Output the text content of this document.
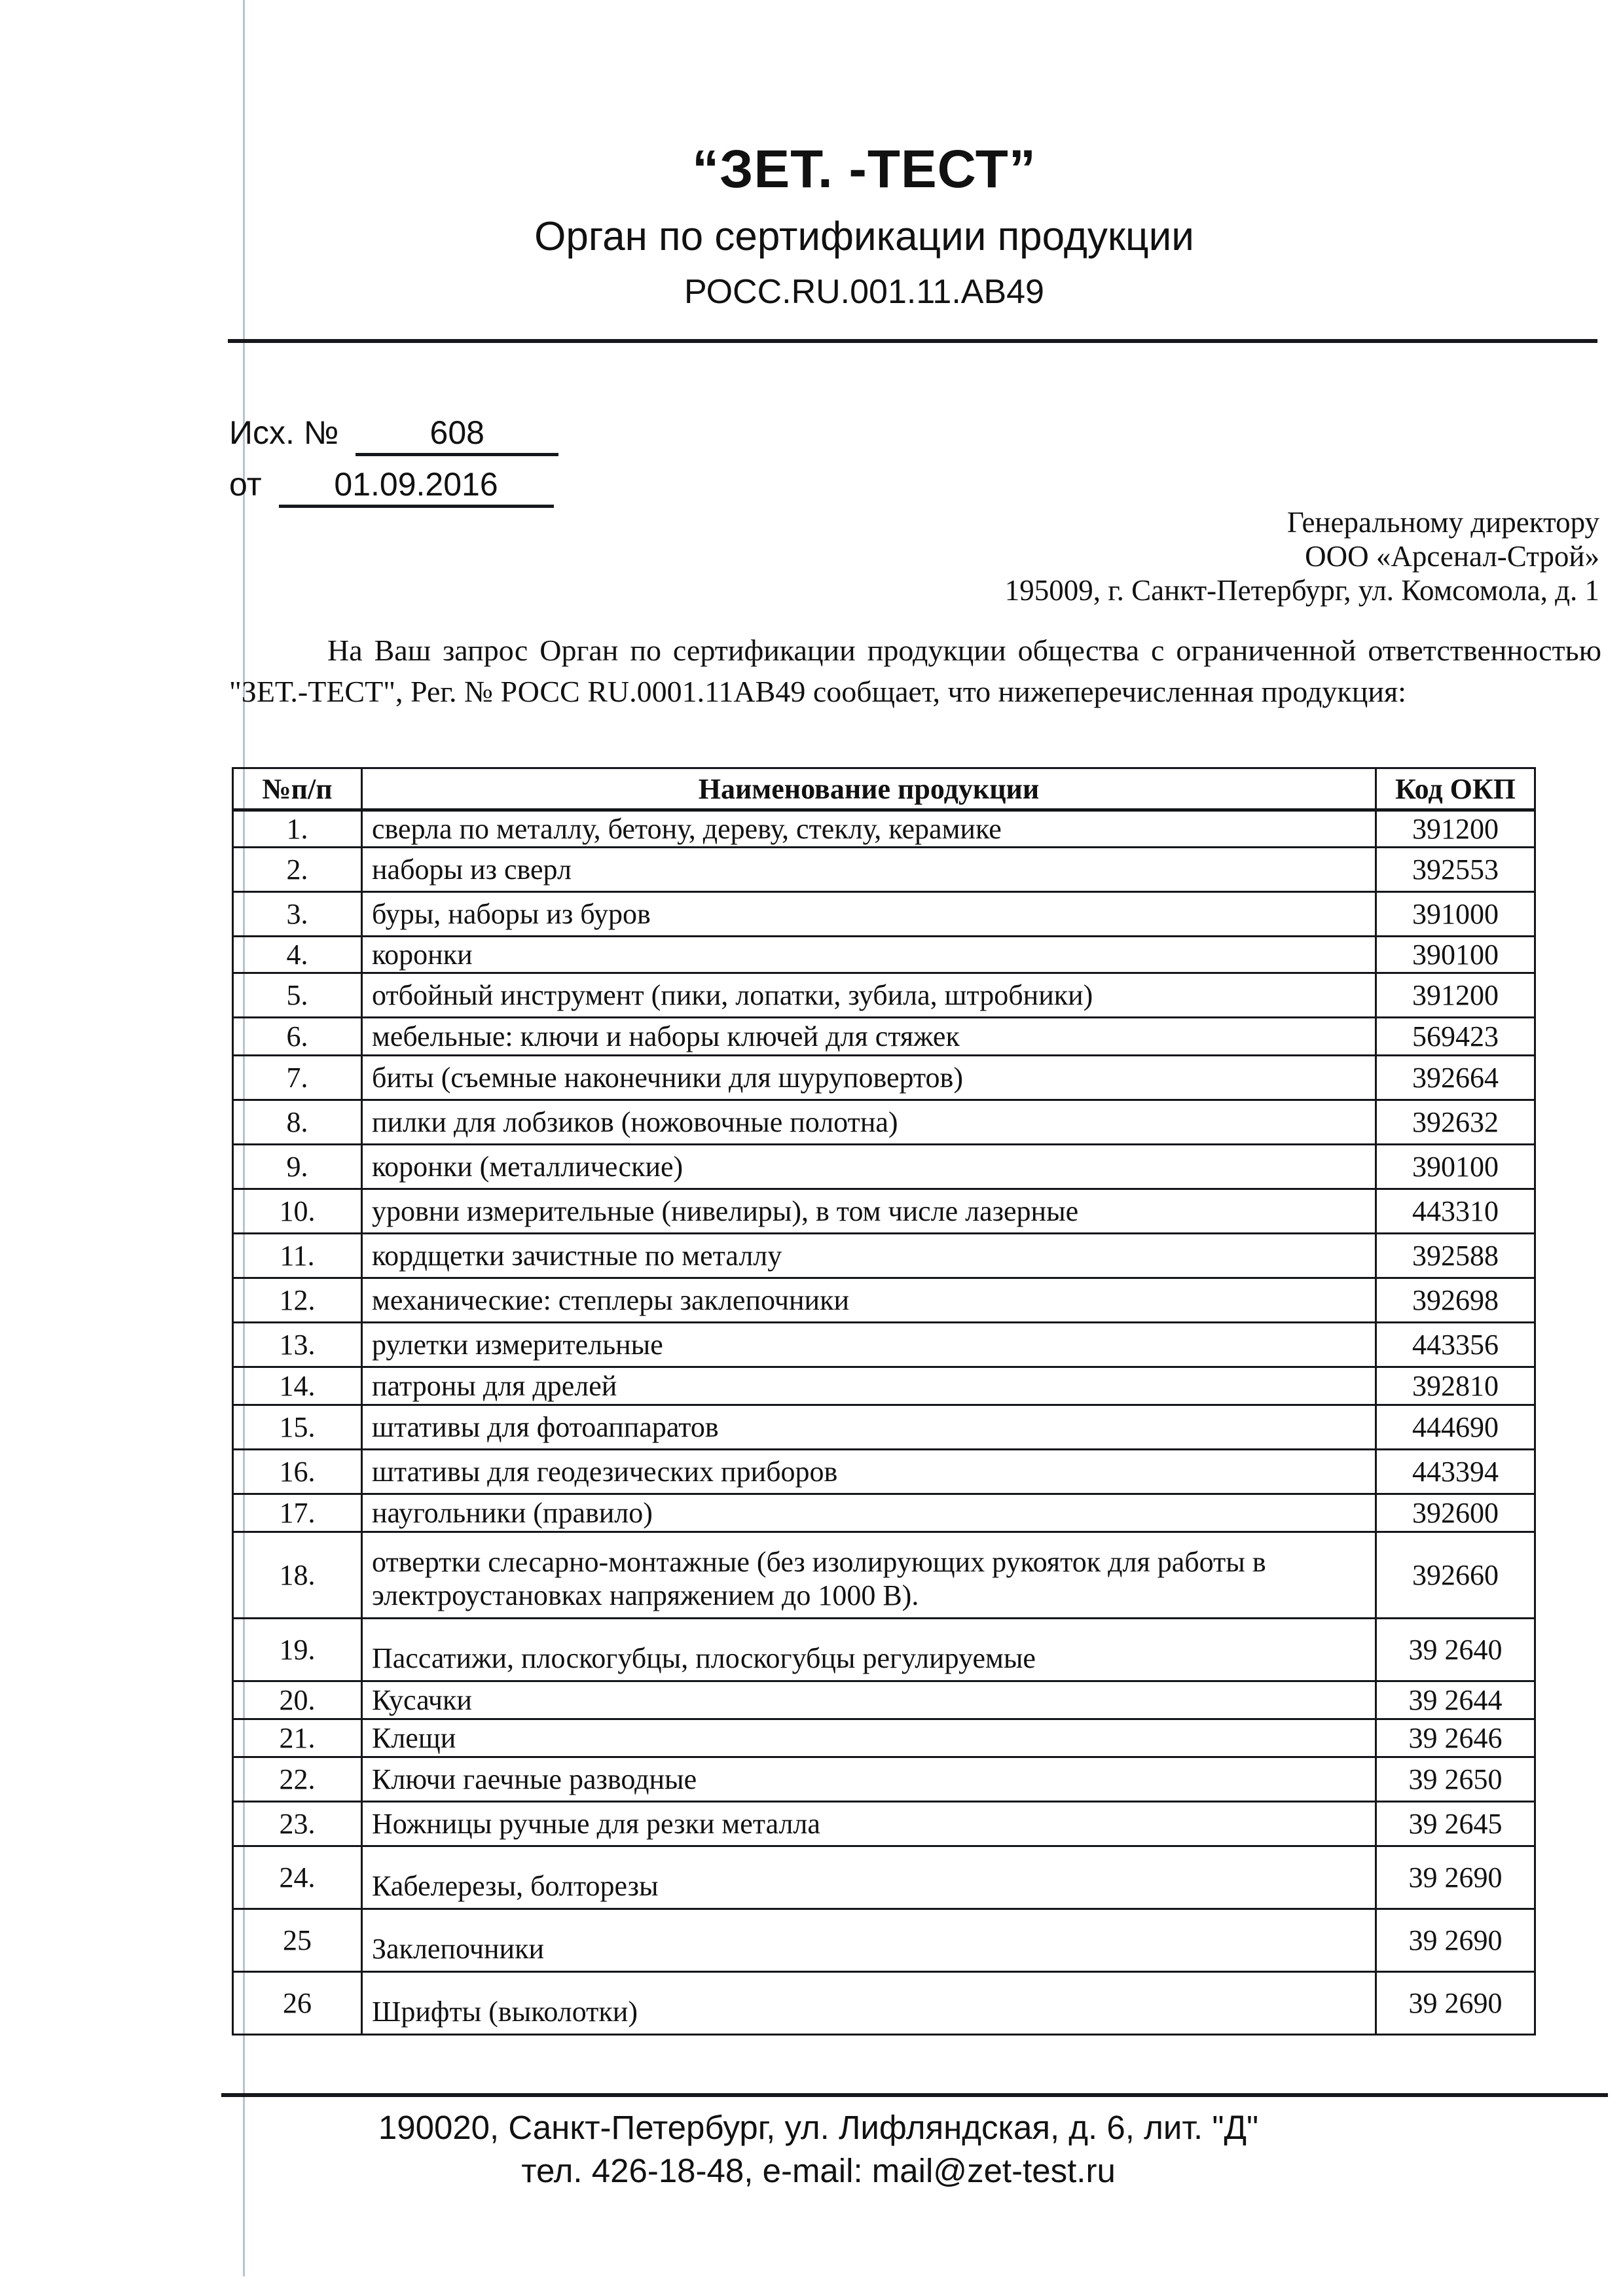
“ЗЕТ. -ТЕСТ”
Орган по сертификации продукции
РОСС.RU.001.11.АВ49
Исх. №	608
от 01.09.2016
Генеральному директору
ООО «Арсенал-Строй»
195009, г. Санкт-Петербург, ул. Комсомола, д. 1
На Ваш запрос Орган по сертификации продукции общества с ограниченной ответственностью "ЗЕТ.-ТЕСТ", Рег. № РОСС RU.0001.11АВ49 сообщает, что нижеперечисленная продукция:
№п/п	Наименование продукции	Код ОКП
1.	сверла по металлу, бетону, дереву, стеклу, керамике	391200
2.	наборы из сверл	392553
3.	буры, наборы из буров	391000
4.	коронки	390100
5.	отбойный инструмент (пики, лопатки, зубила, штробники)	391200
6.	мебельные: ключи и наборы ключей для стяжек	569423
7.	биты (съемные наконечники для шуруповертов)	392664
8.	пилки для лобзиков (ножовочные полотна)	392632
9.	коронки (металлические)	390100
10.	уровни измерительные (нивелиры), в том числе лазерные	443310
11.	кордщетки зачистные по металлу	392588
12.	механические: степлеры заклепочники	392698
13.	рулетки измерительные	443356
14.	патроны для дрелей	392810
15.	штативы для фотоаппаратов	444690
16.	штативы для геодезических приборов	443394
17.	наугольники (правило)	392600
18.	отвертки слесарно-монтажные (без изолирующих рукояток для работы в электроустановках напряжением до 1000 В).	392660
19.	Пассатижи, плоскогубцы, плоскогубцы регулируемые	39 2640
20.	Кусачки	39 2644
21.	Клещи	39 2646
22.	Ключи гаечные разводные	39 2650
23.	Ножницы ручные для резки металла	39 2645
24.	Кабелерезы, болторезы	39 2690
25	Заклепочники	39 2690
26	Шрифты (выколотки)	39 2690
190020, Санкт-Петербург, ул. Лифляндская, д. 6, лит. "Д"
тел. 426-18-48, e-mail: mail@zet-test.ru
